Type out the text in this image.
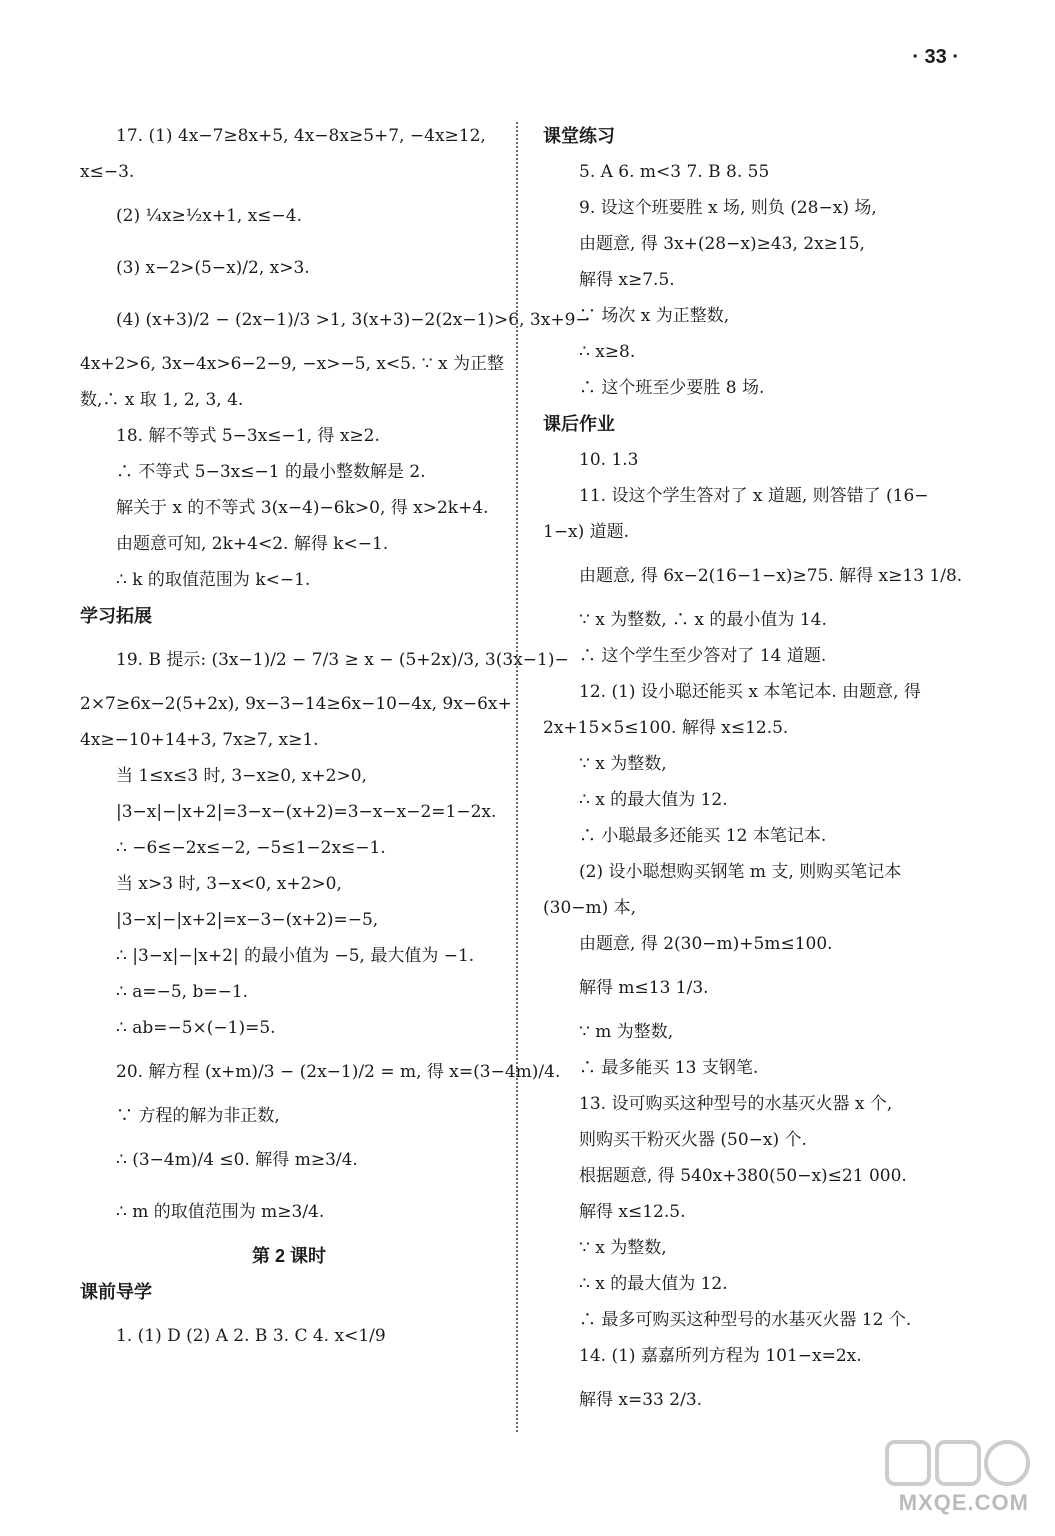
· 33 ·
17. (1) 4x−7≥8x+5, 4x−8x≥5+7, −4x≥12,
x≤−3.
(2) ¹⁄₄x≥¹⁄₂x+1, x≤−4.
(3) x−2>(5−x)/2, x>3.
(4) (x+3)/2 − (2x−1)/3 >1, 3(x+3)−2(2x−1)>6, 3x+9−
4x+2>6, 3x−4x>6−2−9, −x>−5, x<5. ∵ x 为正整
数,∴ x 取 1, 2, 3, 4.
18. 解不等式 5−3x≤−1, 得 x≥2.
∴ 不等式 5−3x≤−1 的最小整数解是 2.
解关于 x 的不等式 3(x−4)−6k>0, 得 x>2k+4.
由题意可知, 2k+4<2. 解得 k<−1.
∴ k 的取值范围为 k<−1.
学习拓展
19. B 提示: (3x−1)/2 − 7/3 ≥ x − (5+2x)/3, 3(3x−1)−
2×7≥6x−2(5+2x), 9x−3−14≥6x−10−4x, 9x−6x+
4x≥−10+14+3, 7x≥7, x≥1.
当 1≤x≤3 时, 3−x≥0, x+2>0,
|3−x|−|x+2|=3−x−(x+2)=3−x−x−2=1−2x.
∴ −6≤−2x≤−2, −5≤1−2x≤−1.
当 x>3 时, 3−x<0, x+2>0,
|3−x|−|x+2|=x−3−(x+2)=−5,
∴ |3−x|−|x+2| 的最小值为 −5, 最大值为 −1.
∴ a=−5, b=−1.
∴ ab=−5×(−1)=5.
20. 解方程 (x+m)/3 − (2x−1)/2 = m, 得 x=(3−4m)/4.
∵ 方程的解为非正数,
∴ (3−4m)/4 ≤0. 解得 m≥3/4.
∴ m 的取值范围为 m≥3/4.
第 2 课时
课前导学
1. (1) D (2) A 2. B 3. C 4. x<1/9
课堂练习
5. A 6. m<3 7. B 8. 55
9. 设这个班要胜 x 场, 则负 (28−x) 场,
由题意, 得 3x+(28−x)≥43, 2x≥15,
解得 x≥7.5.
∵ 场次 x 为正整数,
∴ x≥8.
∴ 这个班至少要胜 8 场.
课后作业
10. 1.3
11. 设这个学生答对了 x 道题, 则答错了 (16−
1−x) 道题.
由题意, 得 6x−2(16−1−x)≥75. 解得 x≥13 1/8.
∵ x 为整数, ∴ x 的最小值为 14.
∴ 这个学生至少答对了 14 道题.
12. (1) 设小聪还能买 x 本笔记本. 由题意, 得
2x+15×5≤100. 解得 x≤12.5.
∵ x 为整数,
∴ x 的最大值为 12.
∴ 小聪最多还能买 12 本笔记本.
(2) 设小聪想购买钢笔 m 支, 则购买笔记本
(30−m) 本,
由题意, 得 2(30−m)+5m≤100.
解得 m≤13 1/3.
∵ m 为整数,
∴ 最多能买 13 支钢笔.
13. 设可购买这种型号的水基灭火器 x 个,
则购买干粉灭火器 (50−x) 个.
根据题意, 得 540x+380(50−x)≤21 000.
解得 x≤12.5.
∵ x 为整数,
∴ x 的最大值为 12.
∴ 最多可购买这种型号的水基灭火器 12 个.
14. (1) 嘉嘉所列方程为 101−x=2x.
解得 x=33 2/3.
MXQE.COM
